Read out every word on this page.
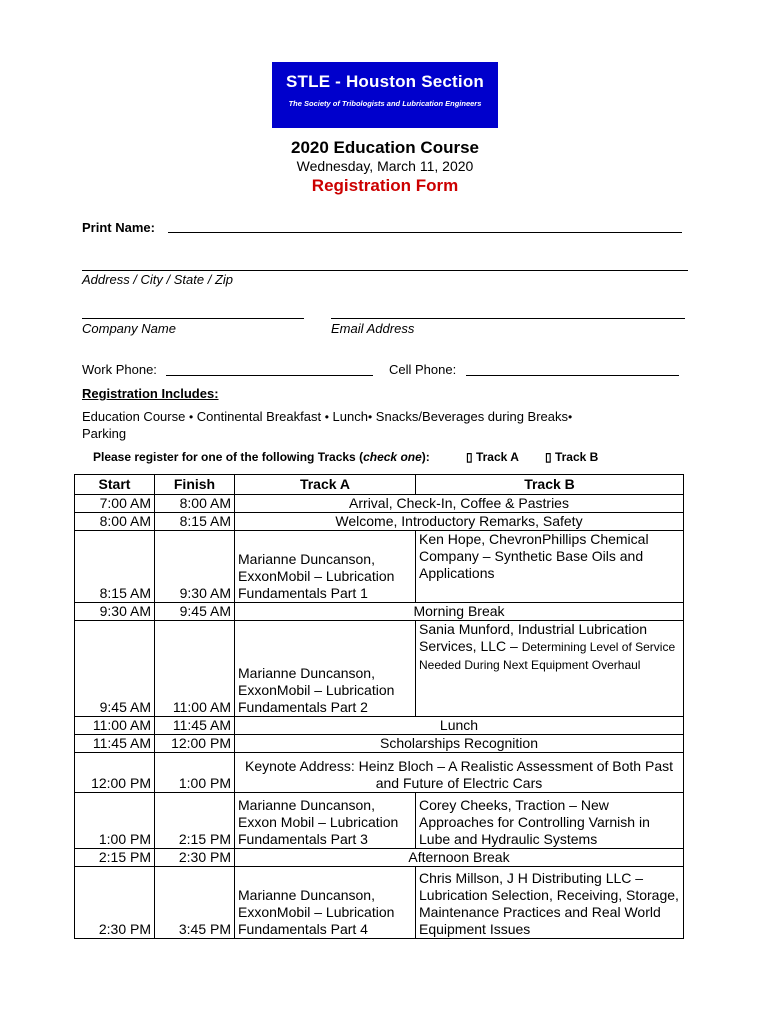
STLE - Houston Section
The Society of Tribologists and Lubrication Engineers
2020 Education Course
Wednesday, March 11, 2020
Registration Form
Print Name:
Address / City / State / Zip
Company Name	Email Address
Work Phone:	Cell Phone:
Registration Includes:
Education Course • Continental Breakfast • Lunch• Snacks/Beverages during Breaks•
Parking
Please register for one of the following Tracks (check one):	▯ Track A ▯ Track B
Start	Finish	Track A	Track B
7:00 AM	8:00 AM	Arrival, Check-In, Coffee & Pastries	
8:00 AM	8:15 AM	Welcome, Introductory Remarks, Safety	
8:15 AM	9:30 AM	Marianne Duncanson, ExxonMobil – Lubrication Fundamentals Part 1	Ken Hope, ChevronPhillips Chemical Company – Synthetic Base Oils and Applications
9:30 AM	9:45 AM	Morning Break	
9:45 AM	11:00 AM	Marianne Duncanson, ExxonMobil – Lubrication Fundamentals Part 2	Sania Munford, Industrial Lubrication Services, LLC – Determining Level of Service Needed During Next Equipment Overhaul
11:00 AM	11:45 AM	Lunch	
11:45 AM	12:00 PM	Scholarships Recognition	
12:00 PM	1:00 PM	Keynote Address: Heinz Bloch – A Realistic Assessment of Both Past and Future of Electric Cars	
1:00 PM	2:15 PM	Marianne Duncanson, Exxon Mobil – Lubrication Fundamentals Part 3	Corey Cheeks, Traction – New Approaches for Controlling Varnish in Lube and Hydraulic Systems
2:15 PM	2:30 PM	Afternoon Break	
2:30 PM	3:45 PM	Marianne Duncanson, ExxonMobil – Lubrication Fundamentals Part 4	Chris Millson, J H Distributing LLC – Lubrication Selection, Receiving, Storage, Maintenance Practices and Real World Equipment Issues
